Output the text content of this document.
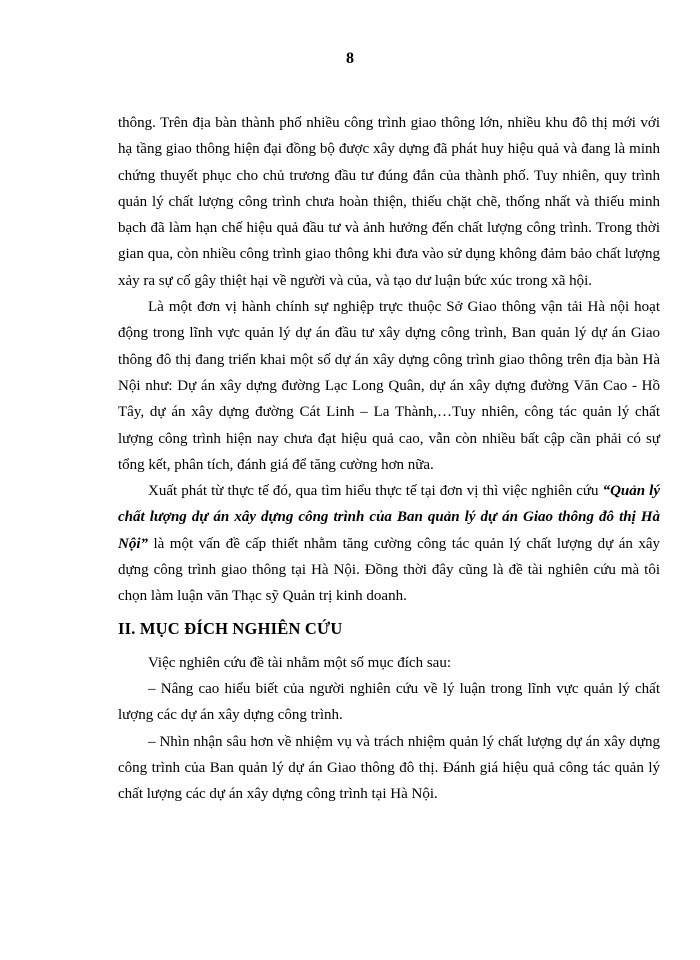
8

thông. Trên địa bàn thành phố nhiều công trình giao thông lớn, nhiều khu đô thị mới với hạ tầng giao thông hiện đại đồng bộ được xây dựng đã phát huy hiệu quả và đang là minh chứng thuyết phục cho chủ trương đầu tư đúng đắn của thành phố. Tuy nhiên, quy trình quản lý chất lượng công trình chưa hoàn thiện, thiếu chặt chẽ, thống nhất và thiếu minh bạch đã làm hạn chế hiệu quả đầu tư và ảnh hưởng đến chất lượng công trình. Trong thời gian qua, còn nhiều công trình giao thông khi đưa vào sử dụng không đảm bảo chất lượng xảy ra sự cố gây thiệt hại về người và của, và tạo dư luận bức xúc trong xã hội.

Là một đơn vị hành chính sự nghiệp trực thuộc Sở Giao thông vận tải Hà nội hoạt động trong lĩnh vực quản lý dự án đầu tư xây dựng công trình, Ban quản lý dự án Giao thông đô thị đang triển khai một số dự án xây dựng công trình giao thông trên địa bàn Hà Nội như: Dự án xây dựng đường Lạc Long Quân, dự án xây dựng đường Văn Cao - Hồ Tây, dự án xây dựng đường Cát Linh – La Thành,…Tuy nhiên, công tác quản lý chất lượng công trình hiện nay chưa đạt hiệu quả cao, vẫn còn nhiều bất cập cần phải có sự tổng kết, phân tích, đánh giá để tăng cường hơn nữa.

Xuất phát từ thực tế đó, qua tìm hiểu thực tế tại đơn vị thì việc nghiên cứu “Quản lý chất lượng dự án xây dựng công trình của Ban quản lý dự án Giao thông đô thị Hà Nội” là một vấn đề cấp thiết nhằm tăng cường công tác quản lý chất lượng dự án xây dựng công trình giao thông tại Hà Nội. Đồng thời đây cũng là đề tài nghiên cứu mà tôi chọn làm luận văn Thạc sỹ Quản trị kinh doanh.

II. MỤC ĐÍCH NGHIÊN CỨU

Việc nghiên cứu đề tài nhằm một số mục đích sau:

– Nâng cao hiểu biết của người nghiên cứu về lý luận trong lĩnh vực quản lý chất lượng các dự án xây dựng công trình.

– Nhìn nhận sâu hơn về nhiệm vụ và trách nhiệm quản lý chất lượng dự án xây dựng công trình của Ban quản lý dự án Giao thông đô thị. Đánh giá hiệu quả công tác quản lý chất lượng các dự án xây dựng công trình tại Hà Nội.
